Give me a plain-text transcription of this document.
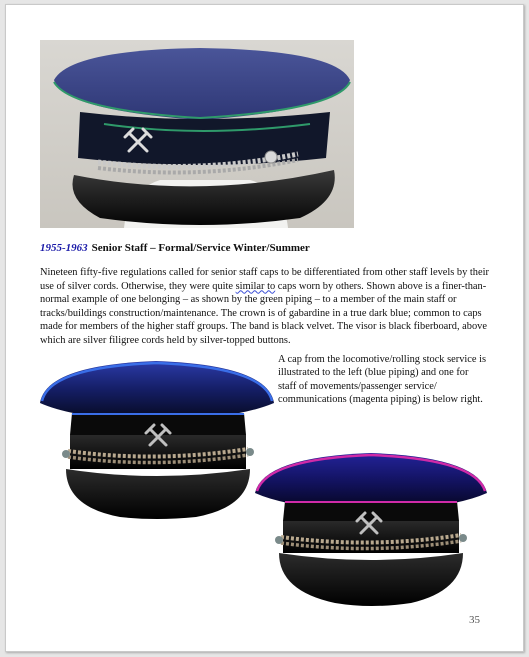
1955-1963 Senior Staff – Formal/Service Winter/Summer

Nineteen fifty-five regulations called for senior staff caps to be differentiated from other staff levels by their use of silver cords. Otherwise, they were quite similar to caps worn by others. Shown above is a finer-than-normal example of one belonging – as shown by the green piping – to a member of the main staff or tracks/buildings construction/maintenance. The crown is of gabardine in a true dark blue; common to caps made for members of the higher staff groups. The band is black velvet. The visor is black fiberboard, above which are silver filigree cords held by silver-topped buttons.

A cap from the locomotive/rolling stock service is illustrated to the left (blue piping) and one for staff of movements/passenger service/ communications (magenta piping) is below right.

35
